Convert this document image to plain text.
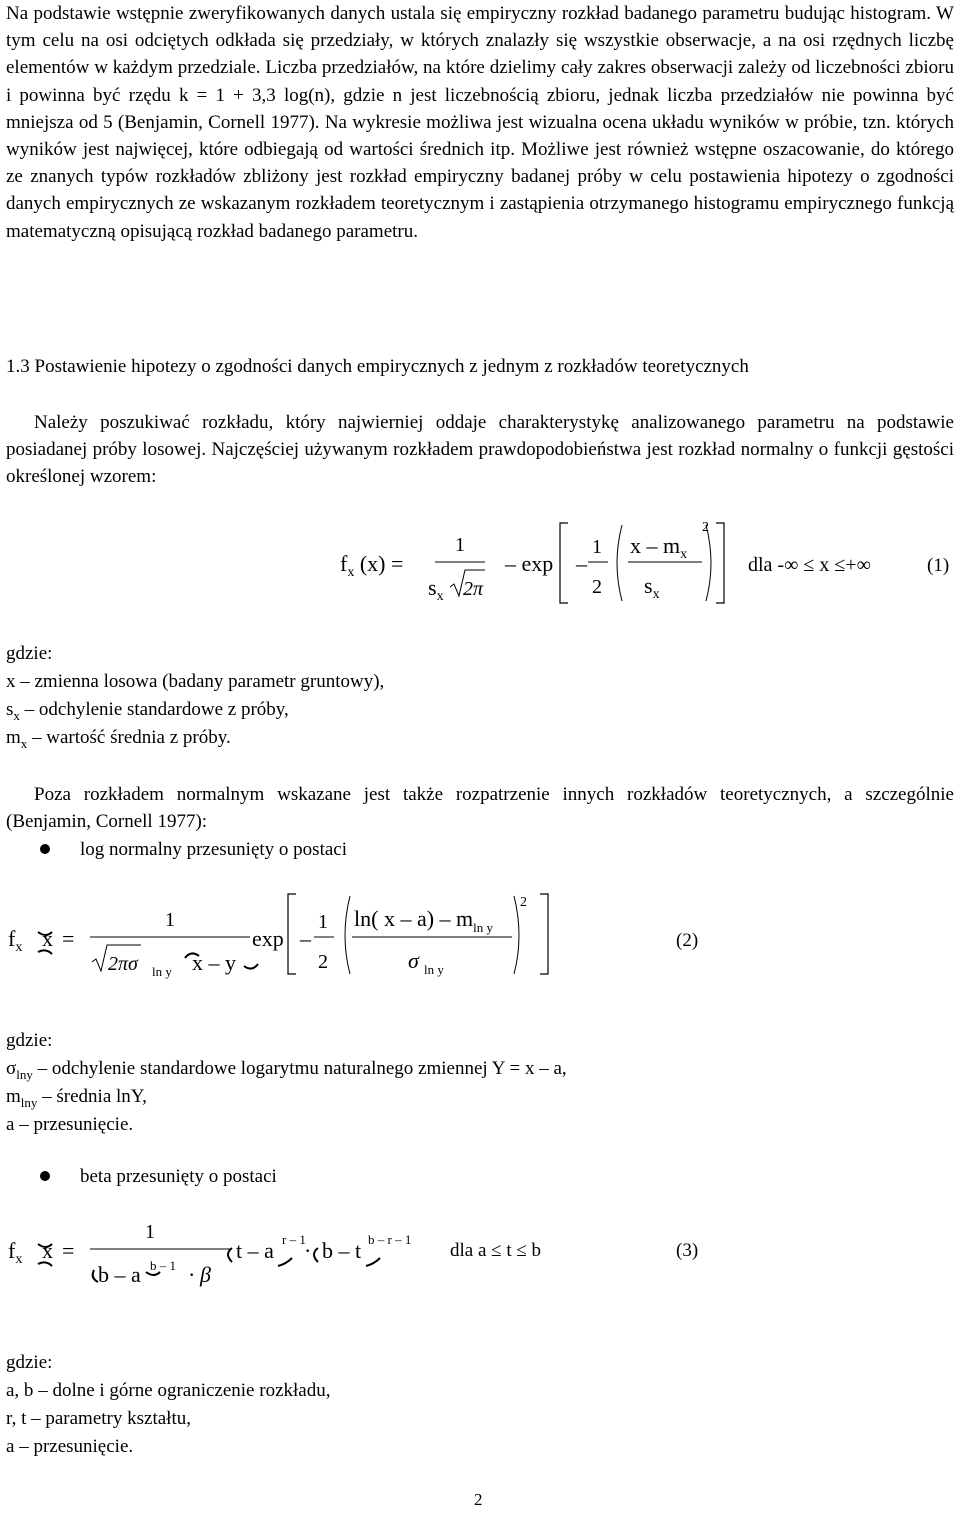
Na podstawie wstępnie zweryfikowanych danych ustala się empiryczny rozkład badanego parametru budując histogram. W tym celu na osi odciętych odkłada się przedziały, w których znalazły się wszystkie obserwacje, a na osi rzędnych liczbę elementów w każdym przedziale. Liczba przedziałów, na które dzielimy cały zakres obserwacji zależy od liczebności zbioru i powinna być rzędu k = 1 + 3,3 log(n), gdzie n jest liczebnością zbioru, jednak liczba przedziałów nie powinna być mniejsza od 5 (Benjamin, Cornell 1977). Na wykresie możliwa jest wizualna ocena układu wyników w próbie, tzn. których wyników jest najwięcej, które odbiegają od wartości średnich itp. Możliwe jest również wstępne oszacowanie, do którego ze znanych typów rozkładów zbliżony jest rozkład empiryczny badanej próby w celu postawienia hipotezy o zgodności danych empirycznych ze wskazanym rozkładem teoretycznym i zastąpienia otrzymanego histogramu empirycznego funkcją matematyczną opisującą rozkład badanego parametru.

1.3 Postawienie hipotezy o zgodności danych empirycznych z jednym z rozkładów teoretycznych

Należy poszukiwać rozkładu, który najwierniej oddaje charakterystykę analizowanego parametru na podstawie posiadanej próby losowej. Najczęściej używanym rozkładem prawdopodobieństwa jest rozkład normalny o funkcji gęstości określonej wzorem:

$f_x$ (x) =
1
$s_x$ 2π
– exp –
1
2
x – $m_x$
$s_x$
2
dla -∞ ≤ x ≤+∞	(1)
gdzie:
x – zmienna losowa (badany parametr gruntowy),
$s_x$ – odchylenie standardowe z próby,
$m_x$ – wartość średnia z próby.

Poza rozkładem normalnym wskazane jest także rozpatrzenie innych rozkładów teoretycznych, a szczególnie (Benjamin, Cornell 1977):

log normalny przesunięty o postaci
$f_x$ x =
1
2πσ ln y x – y
exp –
1
2
ln( x – $a) - m_{ln y}$
σ ln y
2
(2)
gdzie:
$\sigma_{lny}$ – odchylenie standardowe logarytmu naturalnego zmiennej Y = x – a,
$m_{lny}$ – średnia lnY,
a – przesunięcie.
beta przesunięty o postaci
$f_x$ x =
1
b – a b – 1 · β
t – a r – 1
· b – t b – r – 1
dla a ≤ t ≤ b	(3)
gdzie:
a, b – dolne i górne ograniczenie rozkładu,
r, t – parametry kształtu,
a – przesunięcie.
2
